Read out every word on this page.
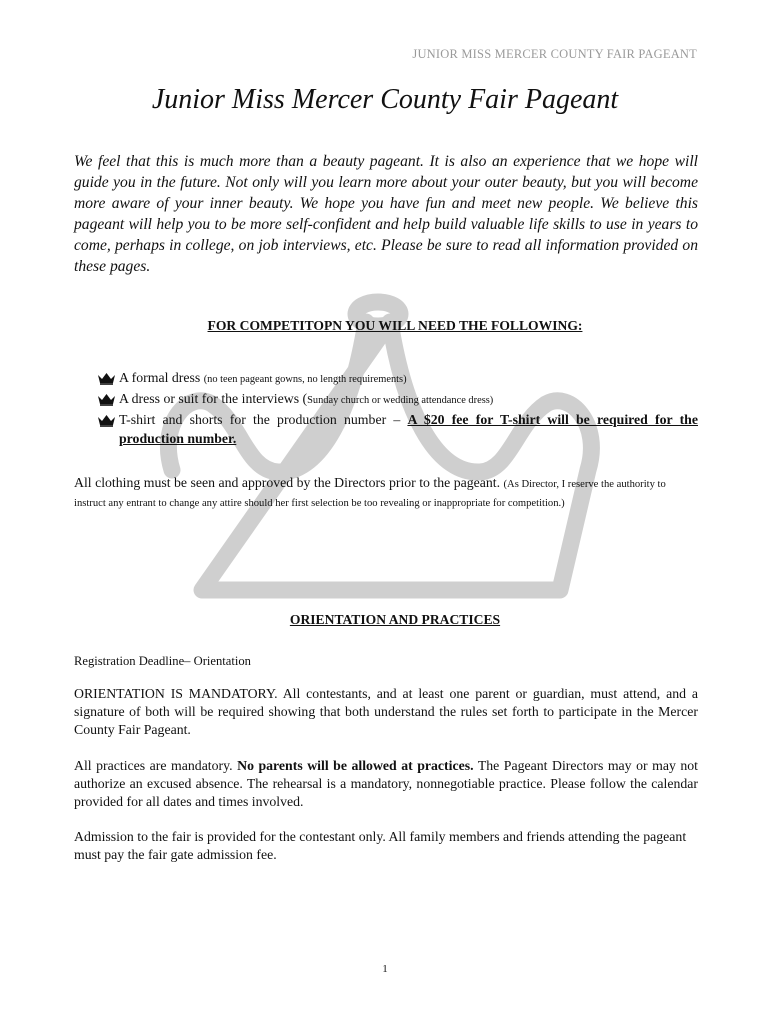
JUNIOR MISS MERCER COUNTY FAIR PAGEANT
Junior Miss Mercer County Fair Pageant
We feel that this is much more than a beauty pageant. It is also an experience that we hope will guide you in the future. Not only will you learn more about your outer beauty, but you will become more aware of your inner beauty. We hope you have fun and meet new people. We believe this pageant will help you to be more self-confident and help build valuable life skills to use in years to come, perhaps in college, on job interviews, etc. Please be sure to read all information provided on these pages.
FOR COMPETITOPN YOU WILL NEED THE FOLLOWING:
A formal dress (no teen pageant gowns, no length requirements)
A dress or suit for the interviews (Sunday church or wedding attendance dress)
T-shirt and shorts for the production number – A $20 fee for T-shirt will be required for the production number.
All clothing must be seen and approved by the Directors prior to the pageant. (As Director, I reserve the authority to instruct any entrant to change any attire should her first selection be too revealing or inappropriate for competition.)
ORIENTATION AND PRACTICES
Registration Deadline– Orientation
ORIENTATION IS MANDATORY. All contestants, and at least one parent or guardian, must attend, and a signature of both will be required showing that both understand the rules set forth to participate in the Mercer County Fair Pageant.
All practices are mandatory. No parents will be allowed at practices. The Pageant Directors may or may not authorize an excused absence. The rehearsal is a mandatory, nonnegotiable practice. Please follow the calendar provided for all dates and times involved.
Admission to the fair is provided for the contestant only. All family members and friends attending the pageant must pay the fair gate admission fee.
1
